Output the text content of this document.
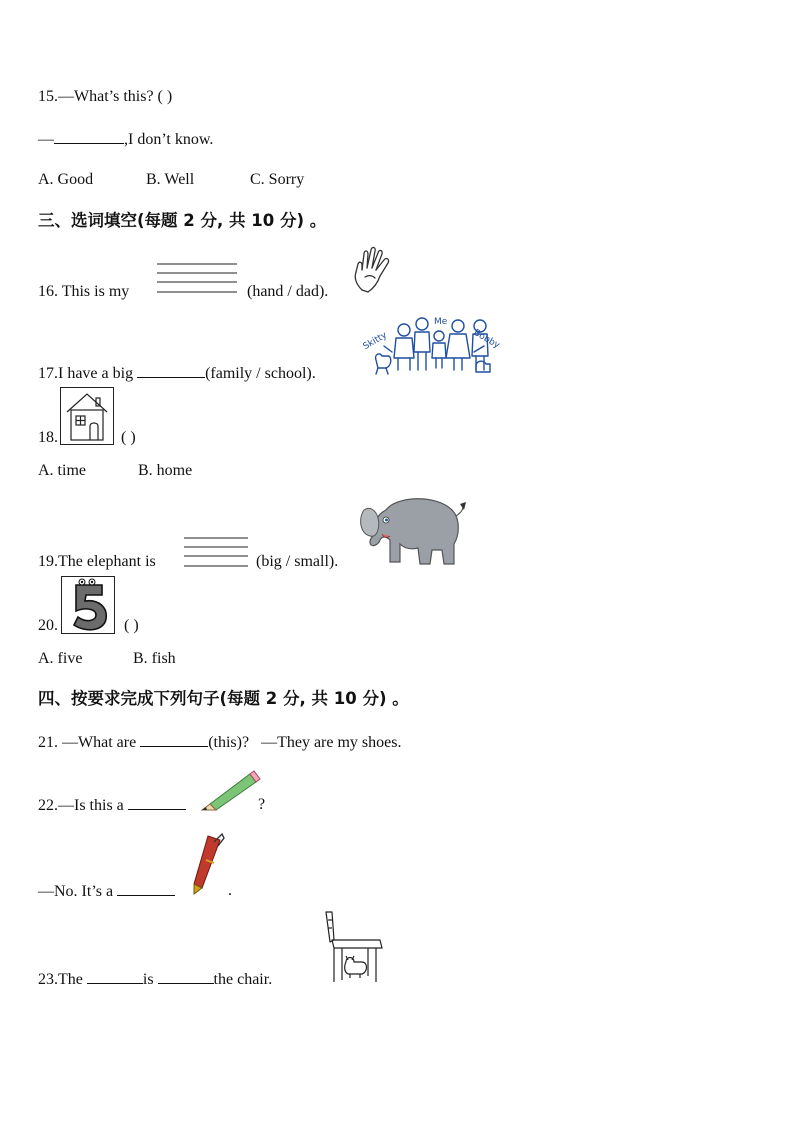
15.—What’s this? ( )
—	,I don’t know.
A. Good	B. Well	C. Sorry
三、选词填空(每题 2 分, 共 10 分) 。
16. This is my	(hand / dad).
17.I have a big	(family / school).
Skitty
Me
Bobby
18.	( )
A. time	B. home
19.The elephant is	(big / small).
20.	( )
A. five	B. fish
四、按要求完成下列句子(每题 2 分, 共 10 分) 。
21. —What are	(this)? —They are my shoes.
22.—Is this a	?
—No. It’s a	.
23.The	is	the chair.
